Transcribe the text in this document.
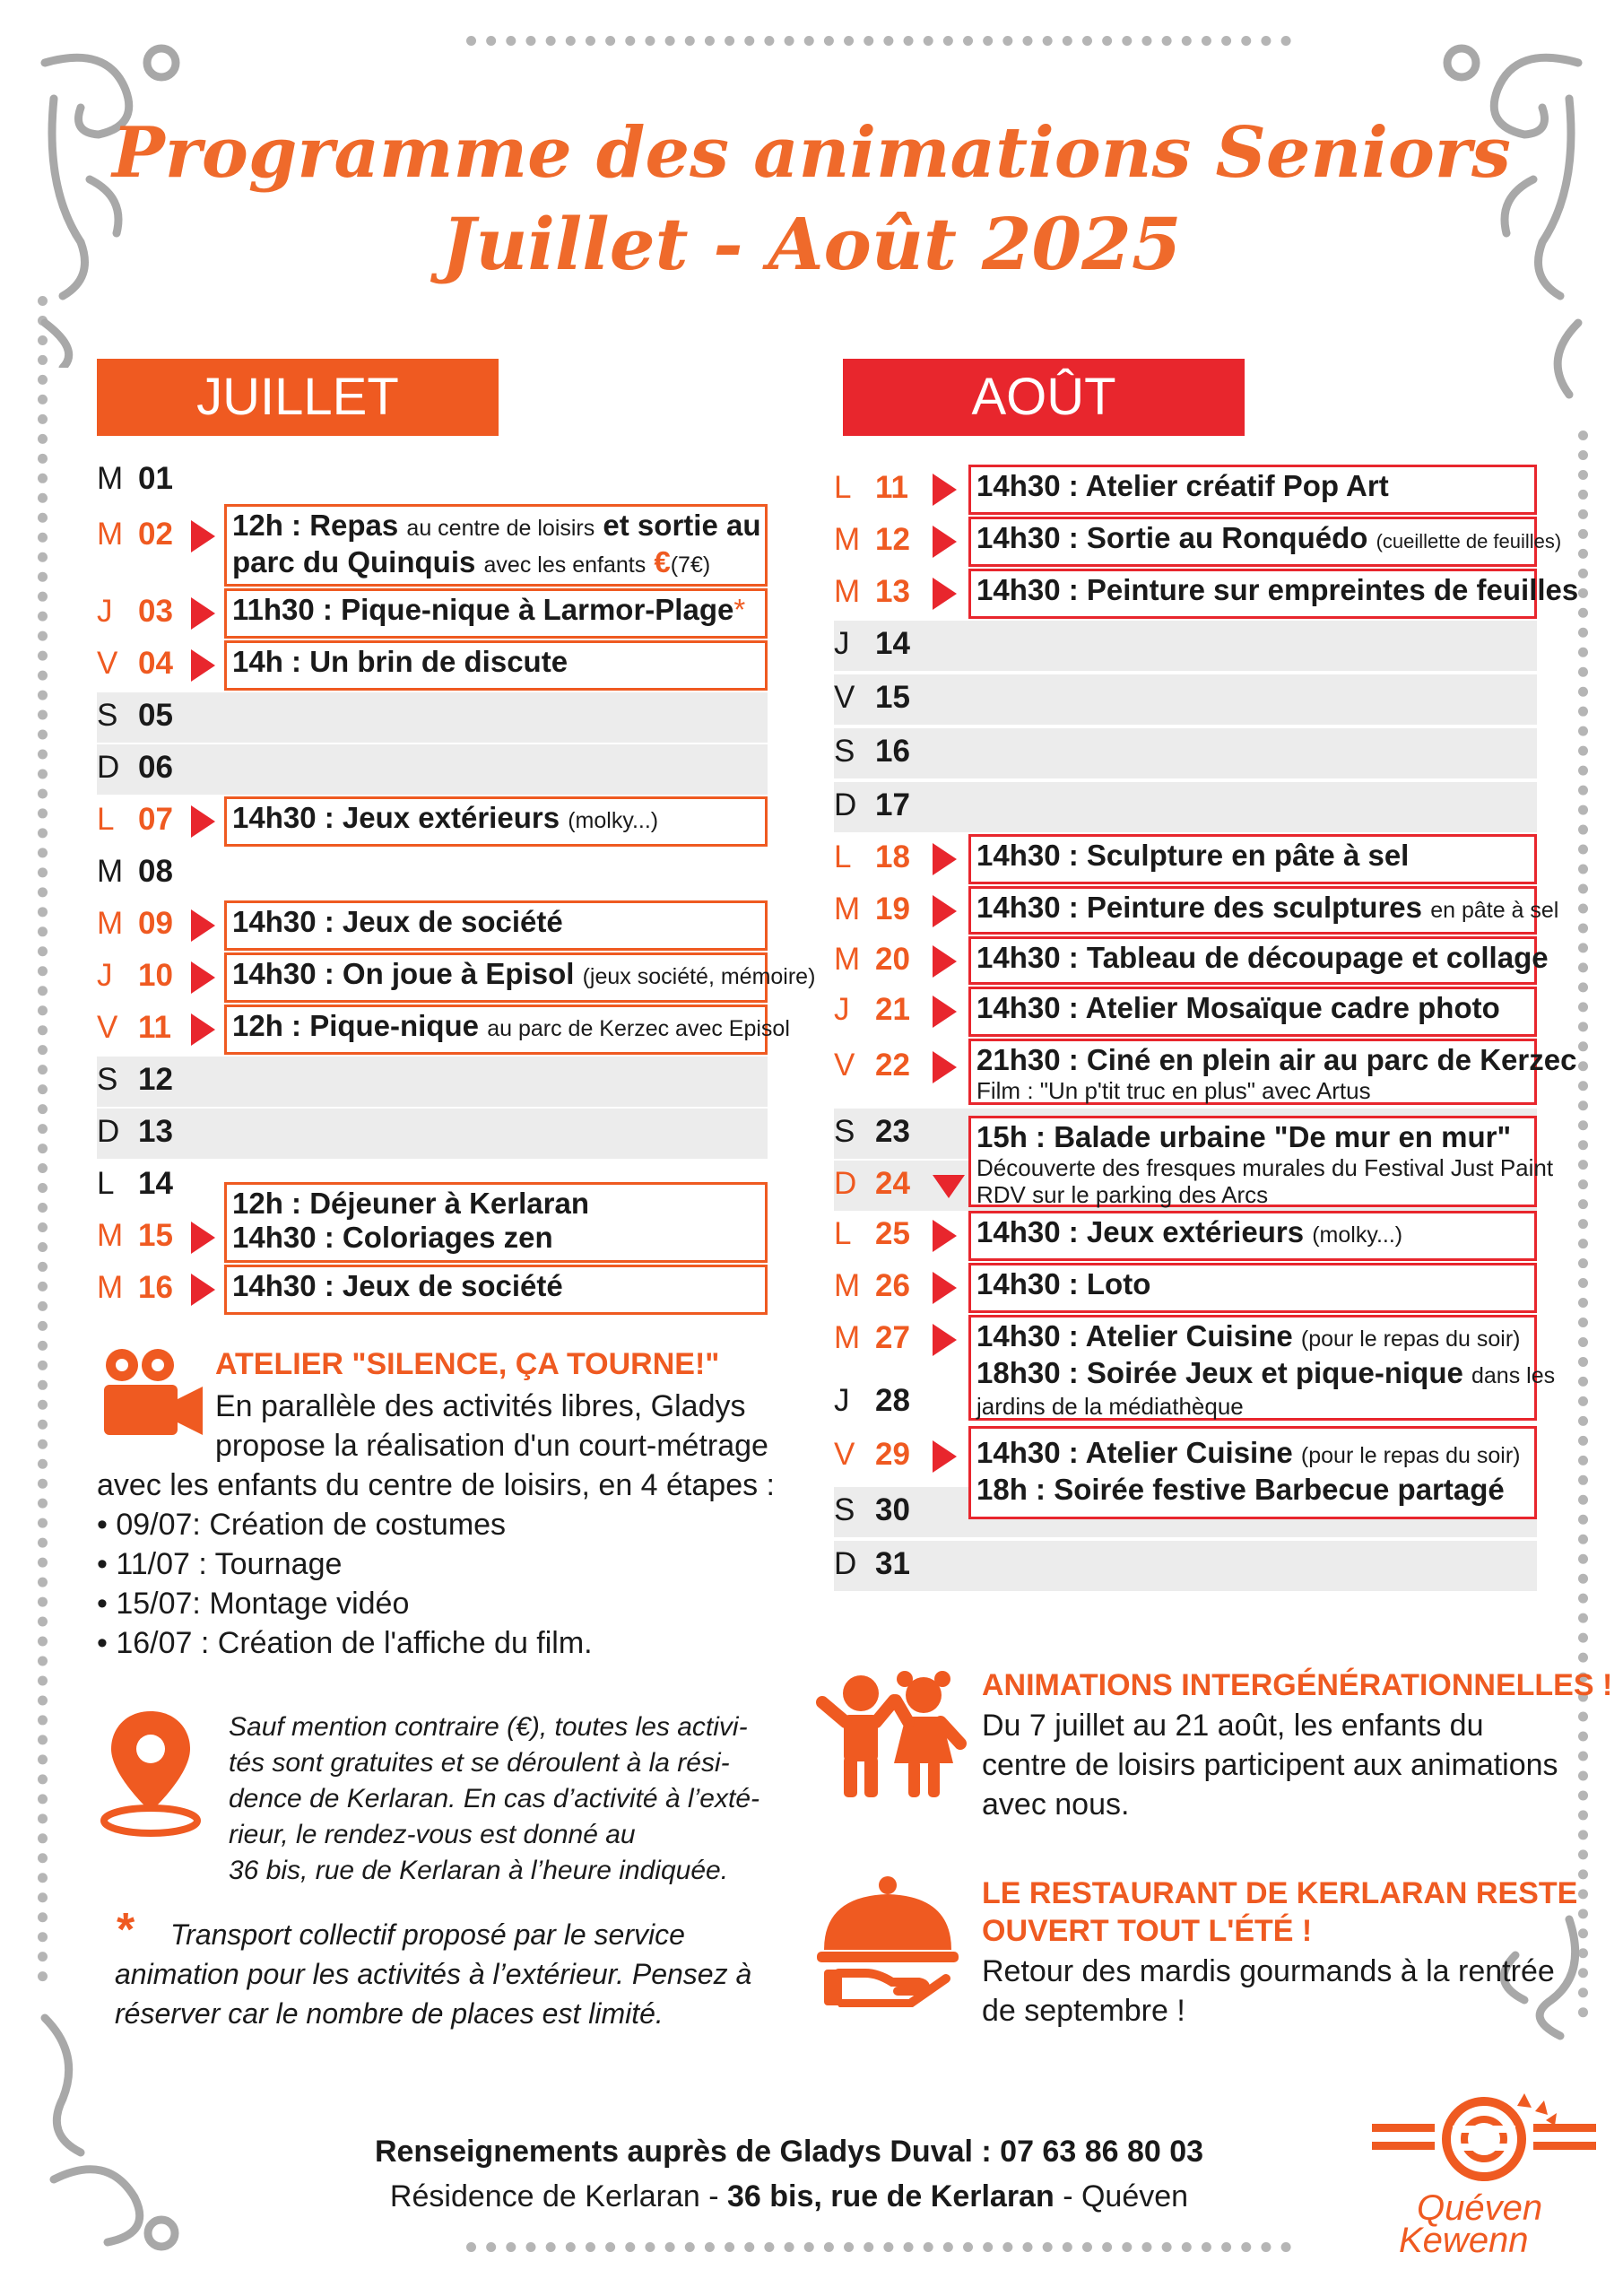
Programme des animations Seniors
Juillet - Août 2025
JUILLET	AOÛT
M 01
M 02
J 03
V 04
S 05
D 06
L 07
M 08
M 09
J 10
V 11
S 12
D 13
L 14
M 15
M 16
12h : Repas au centre de loisirs et sortie au
parc du Quinquis avec les enfants €(7€)
11h30 : Pique-nique à Larmor-Plage*
14h : Un brin de discute
14h30 : Jeux extérieurs (molky...)
14h30 : Jeux de société
14h30 : On joue à Episol (jeux société, mémoire)
12h : Pique-nique au parc de Kerzec avec Episol
12h : Déjeuner à Kerlaran
14h30 : Coloriages zen
14h30 : Jeux de société
L 11
M 12
M 13
J 14
V 15
S 16
D 17
L 18
M 19
M 20
J 21
V 22
S 23
D 24
L 25
M 26
M 27
J 28
V 29
S 30
D 31
14h30 : Atelier créatif Pop Art
14h30 : Sortie au Ronquédo (cueillette de feuilles)
14h30 : Peinture sur empreintes de feuilles
14h30 : Sculpture en pâte à sel
14h30 : Peinture des sculptures en pâte à sel
14h30 : Tableau de découpage et collage
14h30 : Atelier Mosaïque cadre photo
21h30 : Ciné en plein air au parc de Kerzec
Film : "Un p'tit truc en plus" avec Artus
15h : Balade urbaine "De mur en mur"
Découverte des fresques murales du Festival Just Paint
RDV sur le parking des Arcs
14h30 : Jeux extérieurs (molky...)
14h30 : Loto
14h30 : Atelier Cuisine (pour le repas du soir)
18h30 : Soirée Jeux et pique-nique dans les
jardins de la médiathèque
14h30 : Atelier Cuisine (pour le repas du soir)
18h : Soirée festive Barbecue partagé
ATELIER "SILENCE, ÇA TOURNE!"
En parallèle des activités libres, Gladys
propose la réalisation d'un court-métrage
avec les enfants du centre de loisirs, en 4 étapes :
• 09/07: Création de costumes
• 11/07 : Tournage
• 15/07: Montage vidéo
• 16/07 : Création de l'affiche du film.
Sauf mention contraire (€), toutes les activi-
tés sont gratuites et se déroulent à la rési-
dence de Kerlaran. En cas d’activité à l’exté-
rieur, le rendez-vous est donné au
36 bis, rue de Kerlaran à l’heure indiquée.
* Transport collectif proposé par le service
animation pour les activités à l’extérieur. Pensez à
réserver car le nombre de places est limité.
ANIMATIONS INTERGÉNÉRATIONNELLES !
Du 7 juillet au 21 août, les enfants du
centre de loisirs participent aux animations
avec nous.
LE RESTAURANT DE KERLARAN RESTE
OUVERT TOUT L'ÉTÉ !
Retour des mardis gourmands à la rentrée
de septembre !
Renseignements auprès de Gladys Duval : 07 63 86 80 03
Résidence de Kerlaran - 36 bis, rue de Kerlaran - Quéven	Quéven
Kewenn
